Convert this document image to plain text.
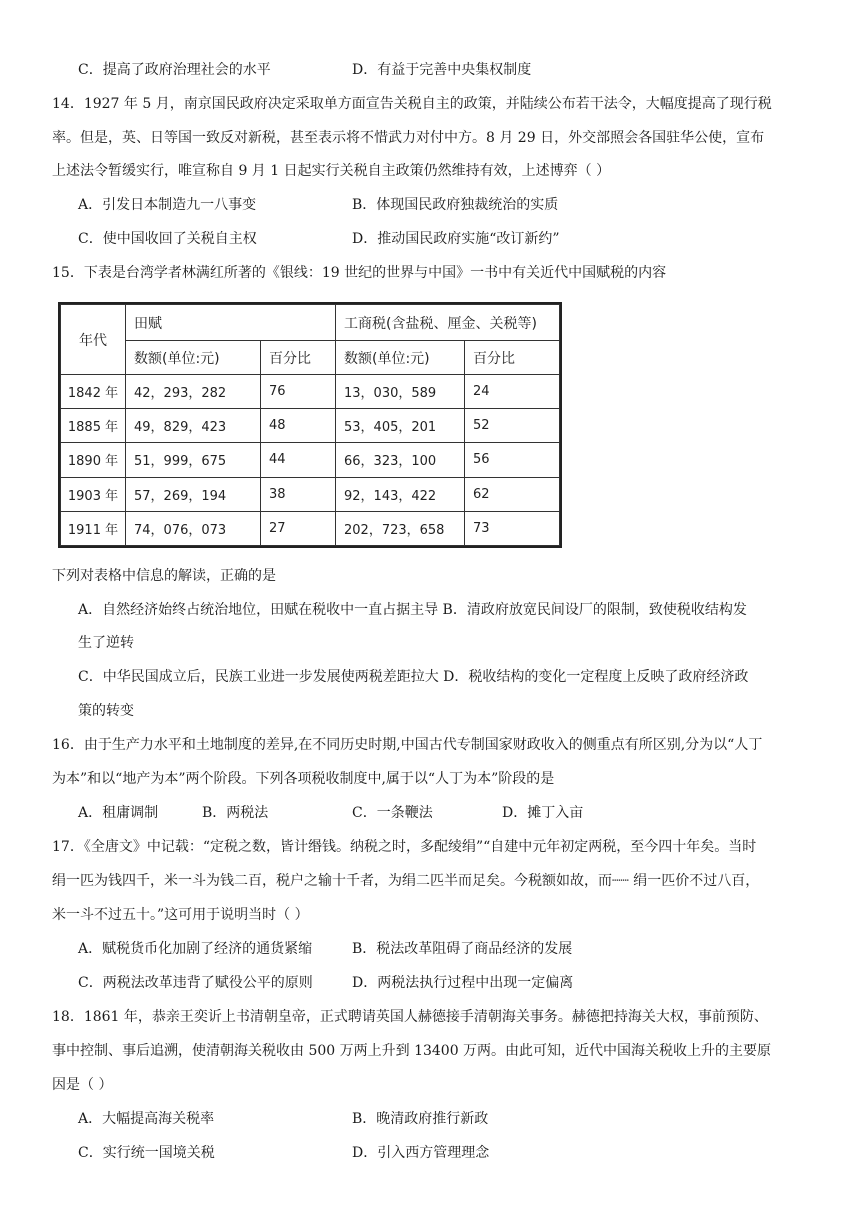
C．提高了政府治理社会的水平	D．有益于完善中央集权制度
14．1927 年 5 月，南京国民政府决定采取单方面宣告关税自主的政策，并陆续公布若干法令，大幅度提高了现行税
率。但是，英、日等国一致反对新税，甚至表示将不惜武力对付中方。8 月 29 日，外交部照会各国驻华公使，宣布
上述法令暂缓实行，唯宣称自 9 月 1 日起实行关税自主政策仍然维持有效，上述博弈（ ）
A．引发日本制造九一八事变	B．体现国民政府独裁统治的实质
C．使中国收回了关税自主权	D．推动国民政府实施“改订新约”
15．下表是台湾学者林满红所著的《银线：19 世纪的世界与中国》一书中有关近代中国赋税的内容
年代	田赋		工商税(含盐税、厘金、关税等)	
	数额(单位:元)	百分比	数额(单位:元)	百分比
1842 年	42，293，282	76	13，030，589	24
1885 年	49，829，423	48	53，405，201	52
1890 年	51，999，675	44	66，323，100	56
1903 年	57，269，194	38	92，143，422	62
1911 年	74，076，073	27	202，723，658	73
下列对表格中信息的解读，正确的是
A．自然经济始终占统治地位，田赋在税收中一直占据主导 B．清政府放宽民间设厂的限制，致使税收结构发
生了逆转
C．中华民国成立后，民族工业进一步发展使两税差距拉大 D．税收结构的变化一定程度上反映了政府经济政
策的转变
16．由于生产力水平和土地制度的差异,在不同历史时期,中国古代专制国家财政收入的侧重点有所区别,分为以“人丁
为本”和以“地产为本”两个阶段。下列各项税收制度中,属于以“人丁为本”阶段的是
A．租庸调制	B．两税法	C．一条鞭法	D．摊丁入亩
17．《全唐文》中记载：“定税之数，皆计缗钱。纳税之时，多配绫绢”“自建中元年初定两税，至今四十年矣。当时
绢一匹为钱四千，米一斗为钱二百，税户之输十千者，为绢二匹半而足矣。今税额如故，而┈┈ 绢一匹价不过八百，
米一斗不过五十。”这可用于说明当时（ ）
A．赋税货币化加剧了经济的通货紧缩	B．税法改革阻碍了商品经济的发展
C．两税法改革违背了赋役公平的原则	D．两税法执行过程中出现一定偏离
18．1861 年，恭亲王奕䜣上书清朝皇帝，正式聘请英国人赫德接手清朝海关事务。赫德把持海关大权，事前预防、
事中控制、事后追溯，使清朝海关税收由 500 万两上升到 13400 万两。由此可知，近代中国海关税收上升的主要原
因是（ ）
A．大幅提高海关税率	B．晚清政府推行新政
C．实行统一国境关税	D．引入西方管理理念
